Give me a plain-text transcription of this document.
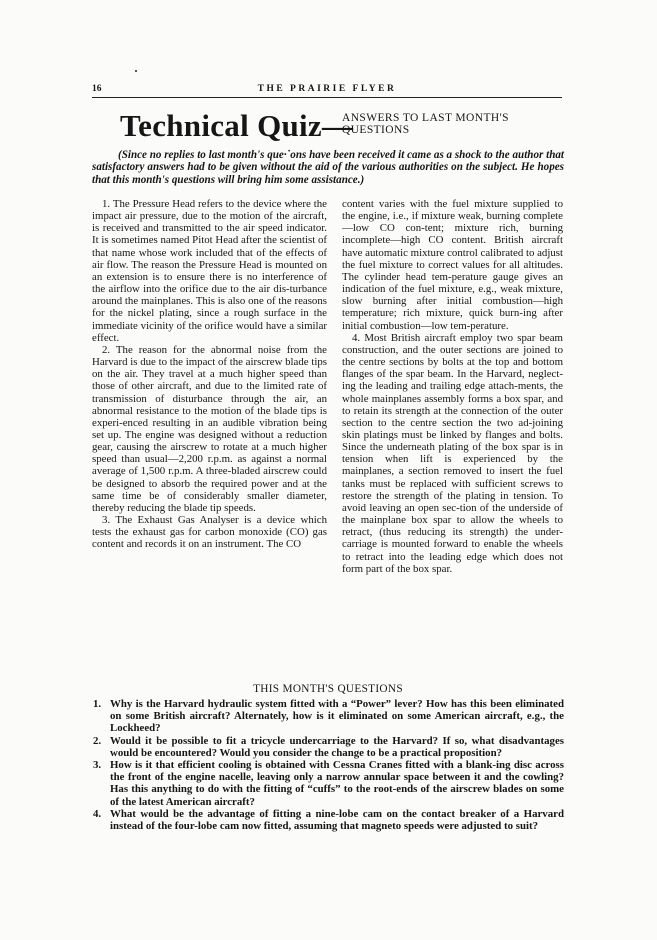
16	THE PRAIRIE FLYER
Technical Quiz—
ANSWERS TO LAST MONTH'S
QUESTIONS
(Since no replies to last month's que·˙ons have been received it came as a shock to the author that satisfactory answers had to be given without the aid of the various authorities on the subject. He hopes that this month's questions will bring him some assistance.)

1. The Pressure Head refers to the device where the impact air pressure, due to the motion of the aircraft, is received and transmitted to the air speed indicator. It is sometimes named Pitot Head after the scientist of that name whose work included that of the effects of air flow. The reason the Pressure Head is mounted on an extension is to ensure there is no interference of the airflow into the orifice due to the air dis-turbance around the mainplanes. This is also one of the reasons for the nickel plating, since a rough surface in the immediate vicinity of the orifice would have a similar effect.

2. The reason for the abnormal noise from the Harvard is due to the impact of the airscrew blade tips on the air. They travel at a much higher speed than those of other aircraft, and due to the limited rate of transmission of disturbance through the air, an abnormal resistance to the motion of the blade tips is experi-enced resulting in an audible vibration being set up. The engine was designed without a reduction gear, causing the airscrew to rotate at a much higher speed than usual—2,200 r.p.m. as against a normal average of 1,500 r.p.m. A three-bladed airscrew could be designed to absorb the required power and at the same time be of considerably smaller diameter, thereby reducing the blade tip speeds.

3. The Exhaust Gas Analyser is a device which tests the exhaust gas for carbon monoxide (CO) gas content and records it on an instrument. The CO

content varies with the fuel mixture supplied to the engine, i.e., if mixture weak, burning complete—low CO con-tent; mixture rich, burning incomplete—high CO content. British aircraft have automatic mixture control calibrated to adjust the fuel mixture to correct values for all altitudes. The cylinder head tem-perature gauge gives an indication of the fuel mixture, e.g., weak mixture, slow burning after initial combustion—high temperature; rich mixture, quick burn-ing after initial combustion—low tem-perature.

4. Most British aircraft employ two spar beam construction, and the outer sections are joined to the centre sections by bolts at the top and bottom flanges of the spar beam. In the Harvard, neglect-ing the leading and trailing edge attach-ments, the whole mainplanes assembly forms a box spar, and to retain its strength at the connection of the outer section to the centre section the two ad-joining skin platings must be linked by flanges and bolts. Since the underneath plating of the box spar is in tension when lift is experienced by the mainplanes, a section removed to insert the fuel tanks must be replaced with sufficient screws to restore the strength of the plating in tension. To avoid leaving an open sec-tion of the underside of the mainplane box spar to allow the wheels to retract, (thus reducing its strength) the under-carriage is mounted forward to enable the wheels to retract into the leading edge which does not form part of the box spar.

THIS MONTH'S QUESTIONS
1. Why is the Harvard hydraulic system fitted with a “Power” lever? How has this been eliminated on some British aircraft? Alternately, how is it eliminated on some American aircraft, e.g., the Lockheed?
2. Would it be possible to fit a tricycle undercarriage to the Harvard? If so, what disadvantages would be encountered? Would you consider the change to be a practical proposition?
3. How is it that efficient cooling is obtained with Cessna Cranes fitted with a blank-ing disc across the front of the engine nacelle, leaving only a narrow annular space between it and the cowling? Has this anything to do with the fitting of “cuffs” to the root-ends of the airscrew blades on some of the latest American aircraft?
4. What would be the advantage of fitting a nine-lobe cam on the contact breaker of a Harvard instead of the four-lobe cam now fitted, assuming that magneto speeds were adjusted to suit?
